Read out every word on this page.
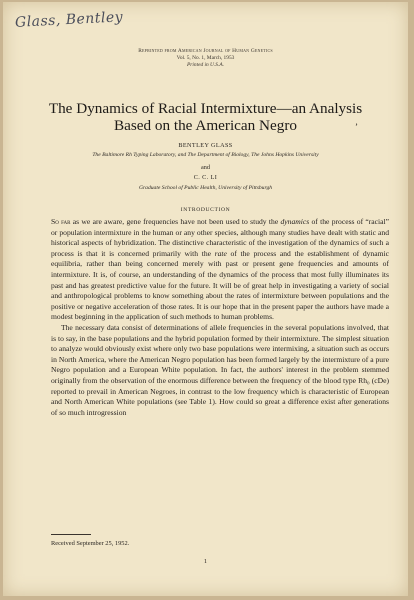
Glass, Bentley
Reprinted from American Journal of Human Genetics
Vol. 5, No. 1, March, 1953
Printed in U.S.A.
The Dynamics of Racial Intermixture—an Analysis Based on the American Negro	ʼ
BENTLEY GLASS
The Baltimore Rh Typing Laboratory, and The Department of Biology, The Johns Hopkins University
and
C. C. LI
Graduate School of Public Health, University of Pittsburgh
INTRODUCTION

So far as we are aware, gene frequencies have not been used to study the dynamics of the process of “racial” or population intermixture in the human or any other species, although many studies have dealt with static and historical aspects of hybridization. The distinctive characteristic of the investigation of the dynamics of such a process is that it is concerned primarily with the rate of the process and the establishment of dynamic equilibria, rather than being concerned merely with past or present gene frequencies and amounts of intermixture. It is, of course, an understanding of the dynamics of the process that most fully illuminates its past and has greatest predictive value for the future. It will be of great help in investigating a variety of social and anthropological problems to know something about the rates of intermixture between populations and the positive or negative acceleration of those rates. It is our hope that in the present paper the authors have made a modest beginning in the application of such methods to human problems.

The necessary data consist of determinations of allele frequencies in the several populations involved, that is to say, in the base populations and the hybrid population formed by their intermixture. The simplest situation to analyze would obviously exist where only two base populations were intermixing, a situation such as occurs in North America, where the American Negro population has been formed largely by the intermixture of a pure Negro population and a European White population. In fact, the authors' interest in the problem stemmed originally from the observation of the enormous difference between the frequency of the blood type Rh₀ (cDe) reported to prevail in American Negroes, in contrast to the low frequency which is characteristic of European and North American White populations (see Table 1). How could so great a difference exist after generations of so much introgression

Received September 25, 1952.
1
